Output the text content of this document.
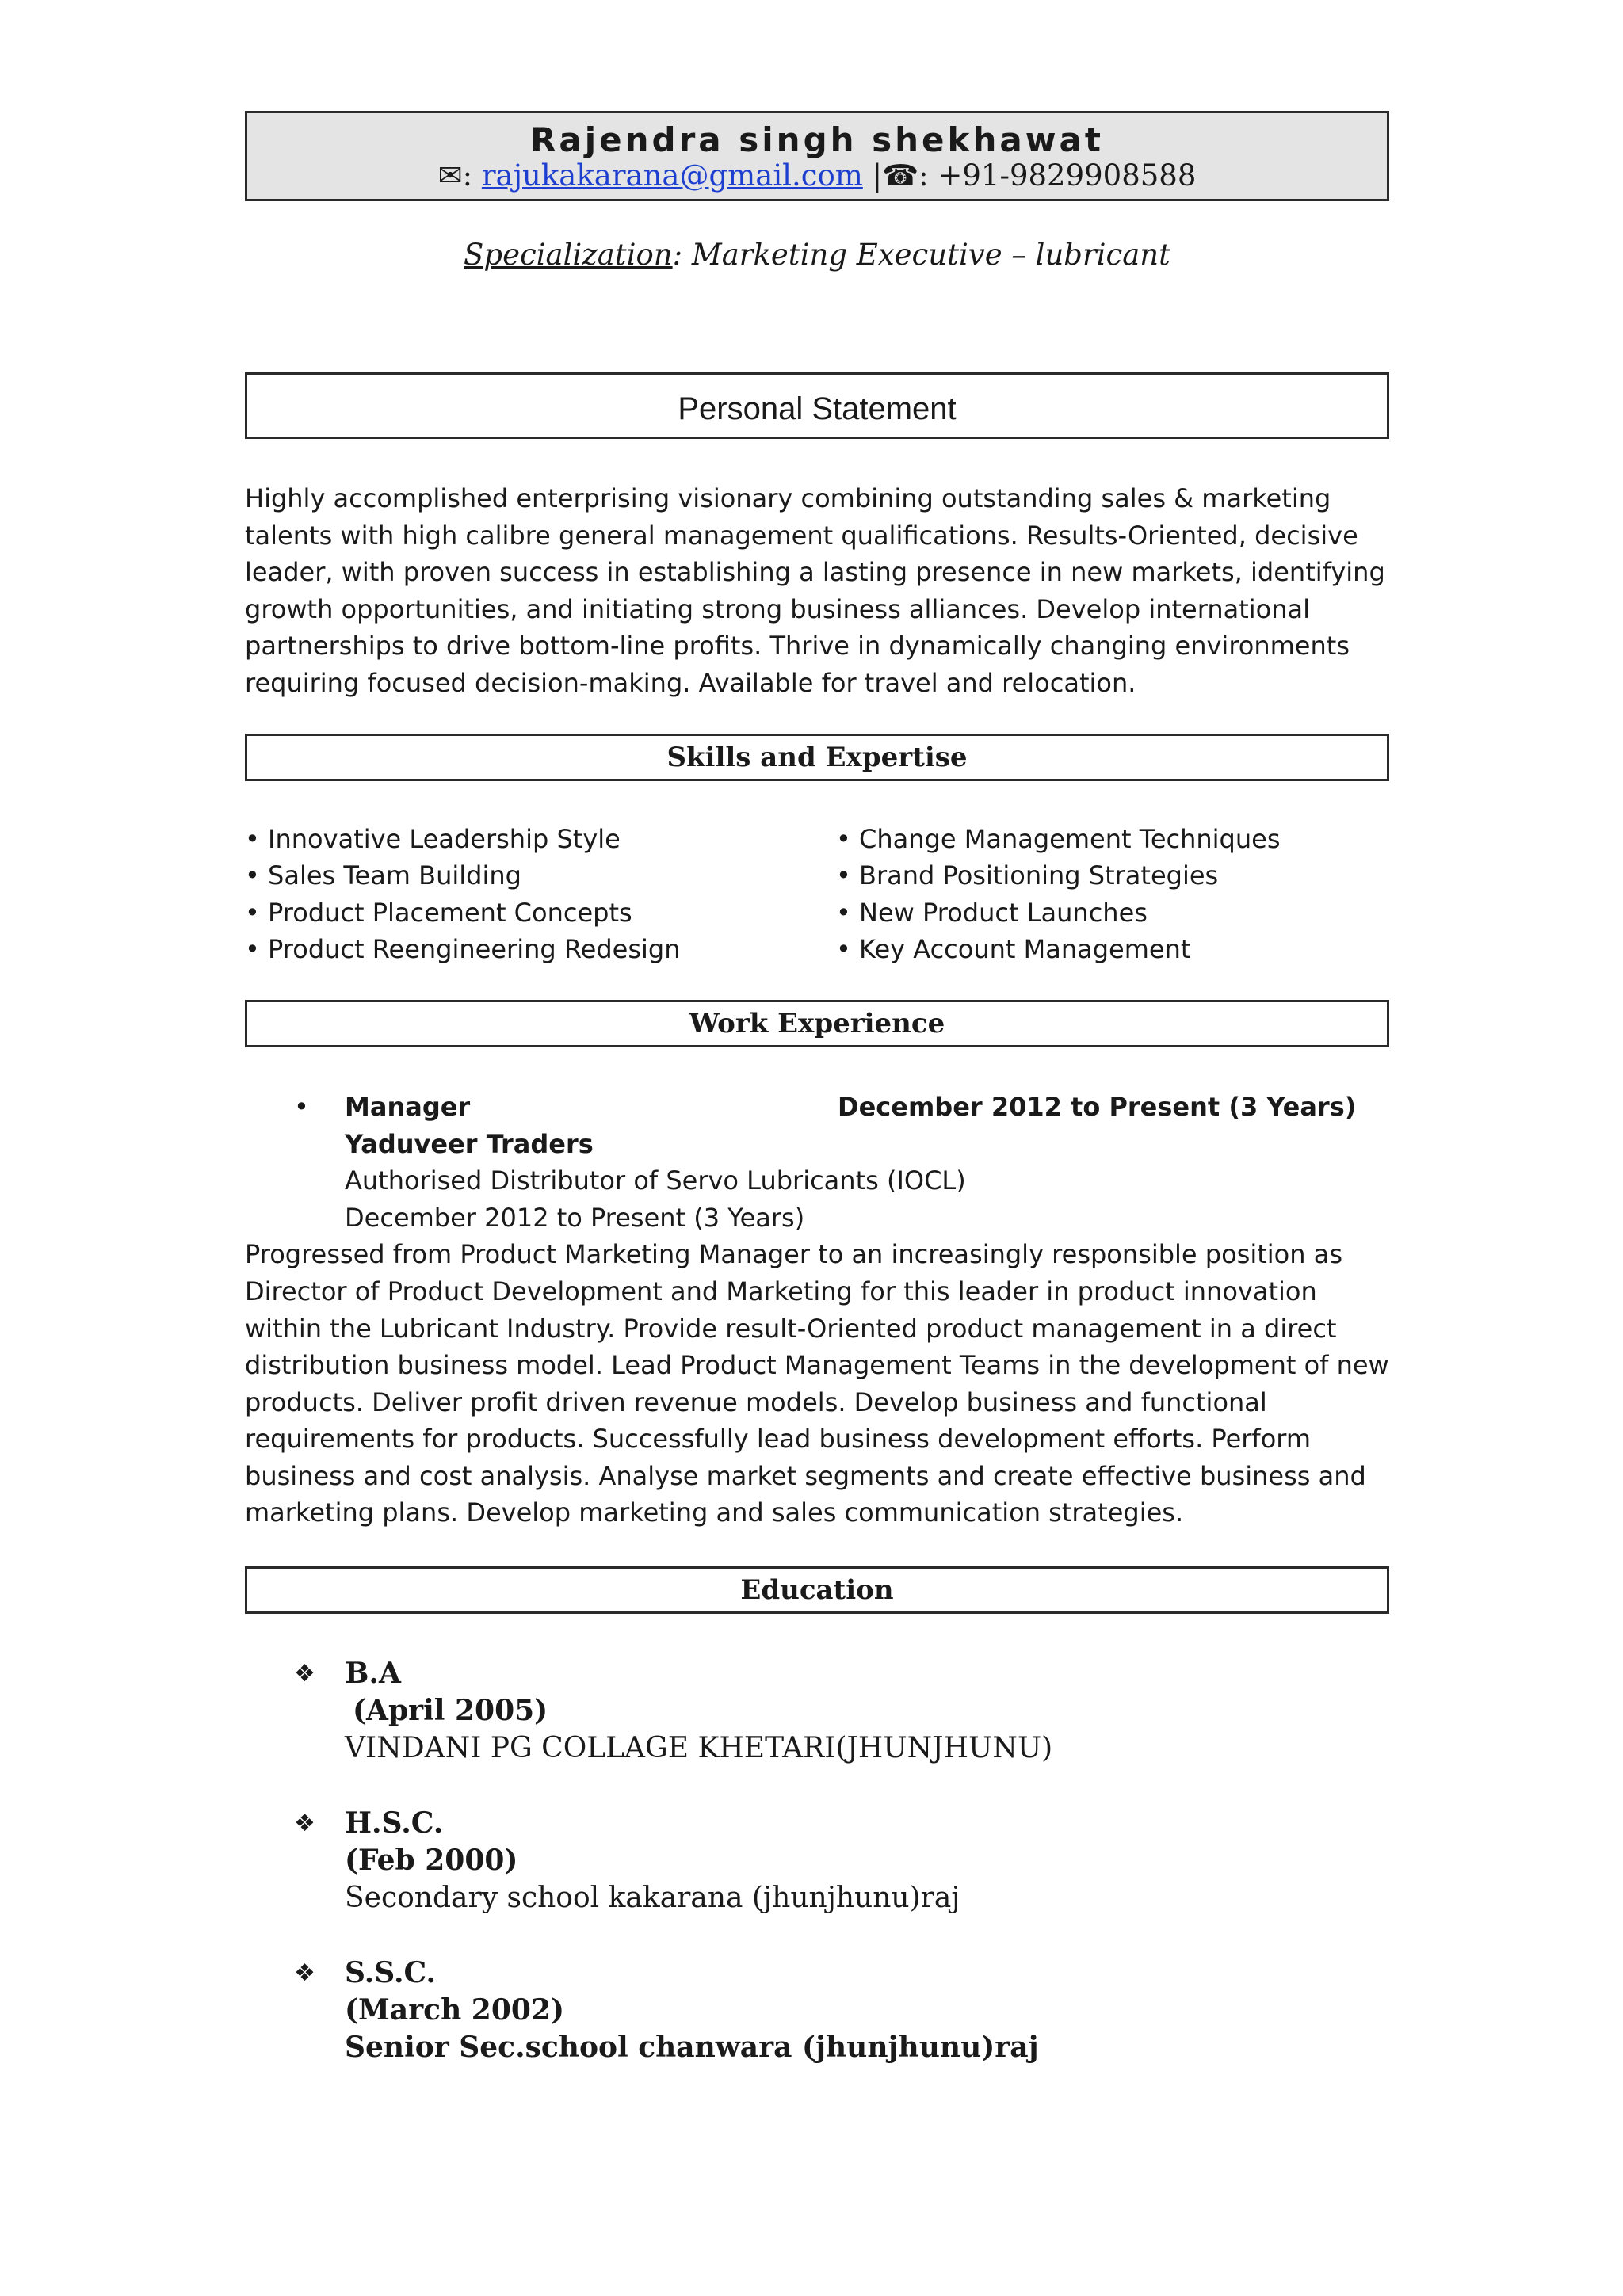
Rajendra singh shekhawat
✉: rajukakarana@gmail.com |☎: +91-9829908588
Specialization: Marketing Executive – lubricant
Personal Statement
Highly accomplished enterprising visionary combining outstanding sales & marketing talents with high calibre general management qualifications. Results-Oriented, decisive leader, with proven success in establishing a lasting presence in new markets, identifying growth opportunities, and initiating strong business alliances. Develop international partnerships to drive bottom-line profits. Thrive in dynamically changing environments requiring focused decision-making. Available for travel and relocation.
Skills and Expertise
• Innovative Leadership Style	• Change Management Techniques
• Sales Team Building	• Brand Positioning Strategies
• Product Placement Concepts	• New Product Launches
• Product Reengineering Redesign	• Key Account Management
Work Experience
• Manager	December 2012 to Present (3 Years)
Yaduveer Traders
Authorised Distributor of Servo Lubricants (IOCL)
December 2012 to Present (3 Years)
Progressed from Product Marketing Manager to an increasingly responsible position as Director of Product Development and Marketing for this leader in product innovation within the Lubricant Industry. Provide result-Oriented product management in a direct distribution business model. Lead Product Management Teams in the development of new products. Deliver profit driven revenue models. Develop business and functional requirements for products. Successfully lead business development efforts. Perform business and cost analysis. Analyse market segments and create effective business and marketing plans. Develop marketing and sales communication strategies.
Education
❖ B.A
(April 2005)
VINDANI PG COLLAGE KHETARI(JHUNJHUNU)
❖ H.S.C.
(Feb 2000)
Secondary school kakarana (jhunjhunu)raj
❖ S.S.C.
(March 2002)
Senior Sec.school chanwara (jhunjhunu)raj
